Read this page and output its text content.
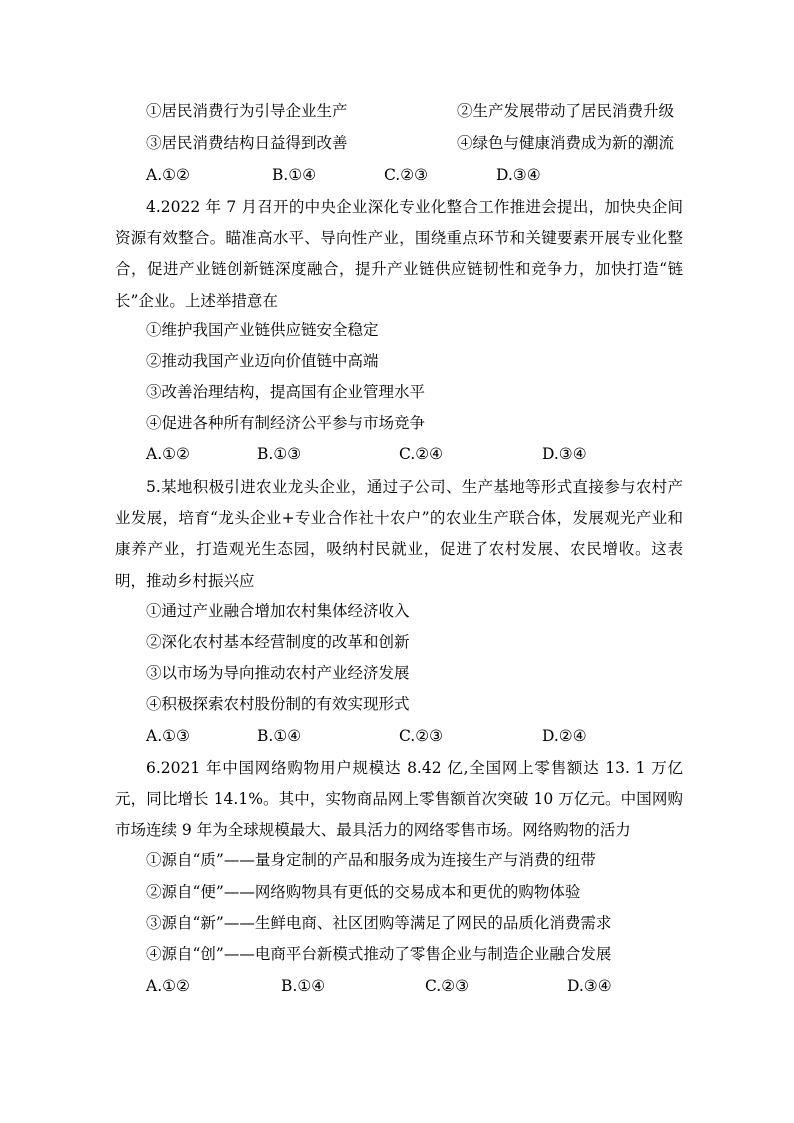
①居民消费行为引导企业生产	②生产发展带动了居民消费升级
③居民消费结构日益得到改善	④绿色与健康消费成为新的潮流
A.①②	B.①④	C.②③	D.③④
4.2022 年 7 月召开的中央企业深化专业化整合工作推进会提出，加快央企间资源有效整合。瞄准高水平、导向性产业，围绕重点环节和关键要素开展专业化整合，促进产业链创新链深度融合，提升产业链供应链韧性和竞争力，加快打造“链长”企业。上述举措意在
①维护我国产业链供应链安全稳定
②推动我国产业迈向价值链中高端
③改善治理结构，提高国有企业管理水平
④促进各种所有制经济公平参与市场竞争
A.①②	B.①③	C.②④	D.③④
5.某地积极引进农业龙头企业，通过子公司、生产基地等形式直接参与农村产业发展，培育“龙头企业+专业合作社十农户”的农业生产联合体，发展观光产业和康养产业，打造观光生态园，吸纳村民就业，促进了农村发展、农民增收。这表明，推动乡村振兴应
①通过产业融合增加农村集体经济收入
②深化农村基本经营制度的改革和创新
③以市场为导向推动农村产业经济发展
④积极探索农村股份制的有效实现形式
A.①③	B.①④	C.②③	D.②④
6.2021 年中国网络购物用户规模达 8.42 亿,全国网上零售额达 13. 1 万亿元，同比增长 14.1%。其中，实物商品网上零售额首次突破 10 万亿元。中国网购市场连续 9 年为全球规模最大、最具活力的网络零售市场。网络购物的活力
①源自“质”——量身定制的产品和服务成为连接生产与消费的纽带
②源自“便”——网络购物具有更低的交易成本和更优的购物体验
③源自“新”——生鲜电商、社区团购等满足了网民的品质化消费需求
④源自“创”——电商平台新模式推动了零售企业与制造企业融合发展
A.①②	B.①④	C.②③	D.③④
